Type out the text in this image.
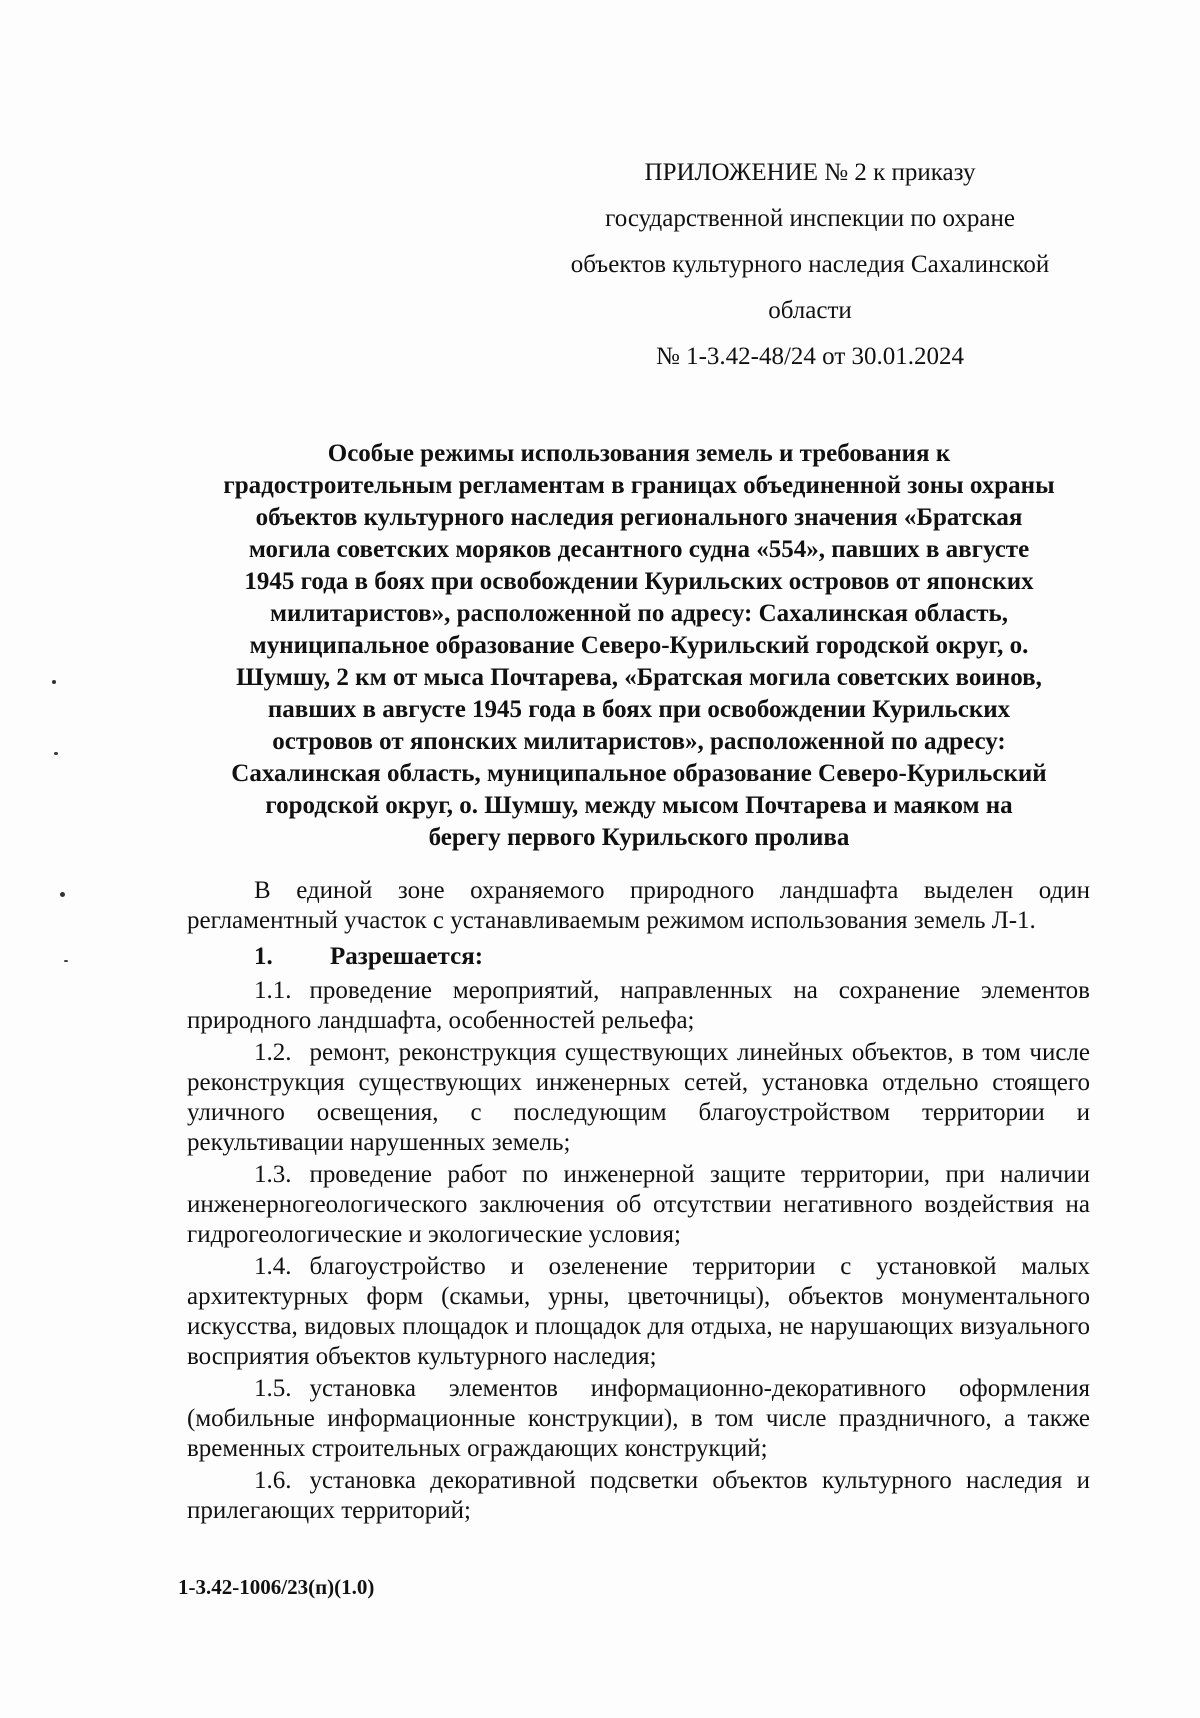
ПРИЛОЖЕНИЕ № 2 к приказу
государственной инспекции по охране
объектов культурного наследия Сахалинской
области
№ 1-3.42-48/24 от 30.01.2024
Особые режимы использования земель и требования к
градостроительным регламентам в границах объединенной зоны охраны
объектов культурного наследия регионального значения «Братская
могила советских моряков десантного судна «554», павших в августе
1945 года в боях при освобождении Курильских островов от японских
милитаристов», расположенной по адресу: Сахалинская область,
муниципальное образование Северо-Курильский городской округ, о.
Шумшу, 2 км от мыса Почтарева, «Братская могила советских воинов,
павших в августе 1945 года в боях при освобождении Курильских
островов от японских милитаристов», расположенной по адресу:
Сахалинская область, муниципальное образование Северо-Курильский
городской округ, о. Шумшу, между мысом Почтарева и маяком на
берегу первого Курильского пролива

В единой зоне охраняемого природного ландшафта выделен один регламентный участок с устанавливаемым режимом использования земель Л-1.

1.	Разрешается:

1.1. проведение мероприятий, направленных на сохранение элементов природного ландшафта, особенностей рельефа;

1.2. ремонт, реконструкция существующих линейных объектов, в том числе реконструкция существующих инженерных сетей, установка отдельно стоящего уличного освещения, с последующим благоустройством территории и рекультивации нарушенных земель;

1.3. проведение работ по инженерной защите территории, при наличии инженерногеологического заключения об отсутствии негативного воздействия на гидрогеологические и экологические условия;

1.4. благоустройство и озеленение территории с установкой малых архитектурных форм (скамьи, урны, цветочницы), объектов монументального искусства, видовых площадок и площадок для отдыха, не нарушающих визуального восприятия объектов культурного наследия;

1.5. установка элементов информационно-декоративного оформления (мобильные информационные конструкции), в том числе праздничного, а также временных строительных ограждающих конструкций;

1.6. установка декоративной подсветки объектов культурного наследия и прилегающих территорий;

1-3.42-1006/23(п)(1.0)
